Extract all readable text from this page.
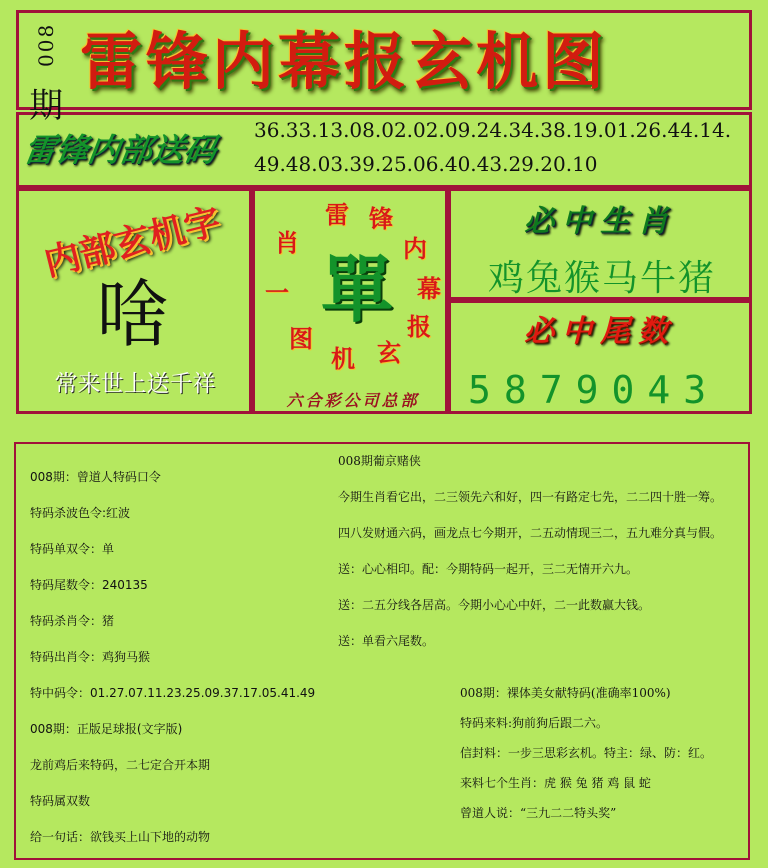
008
期
雷锋内幕报玄机图
雷锋内部送码
36.33.13.08.02.02.09.24.34.38.19.01.26.44.14.
49.48.03.39.25.06.40.43.29.20.10
内部玄机字
啥
常来世上送千祥
雷 锋
内
幕
报
玄
机
图
一
肖
單
六合彩公司总部
必中生肖
鸡兔猴马牛猪
必中尾数
5879043
008期：曾道人特码口令
特码杀波色令:红波
特码单双令：单
特码尾数令：240135
特码杀肖令：猪
特码出肖令：鸡狗马猴
特中码令：01.27.07.11.23.25.09.37.17.05.41.49
008期：正版足球报(文字版)
龙前鸡后来特码，二七定合开本期
特码属双数
给一句话：欲钱买上山下地的动物
008期葡京赌侠
今期生肖看它出，二三领先六和好，四一有路定七先，二二四十胜一筹。
四八发财通六码，画龙点七今期开，二五动情现三二，五九难分真与假。
送：心心相印。配：今期特码一起开，三二无情开六九。
送：二五分线各居高。今期小心心中奸，二一此数赢大钱。
送：单看六尾数。
008期：裸体美女献特码(准确率100%)
特码来料:狗前狗后跟二六。
信封料：一步三思彩玄机。特主：绿、防：红。
来料七个生肖：虎 猴 兔 猪 鸡 鼠 蛇
曾道人说：“三九二二特头奖”
